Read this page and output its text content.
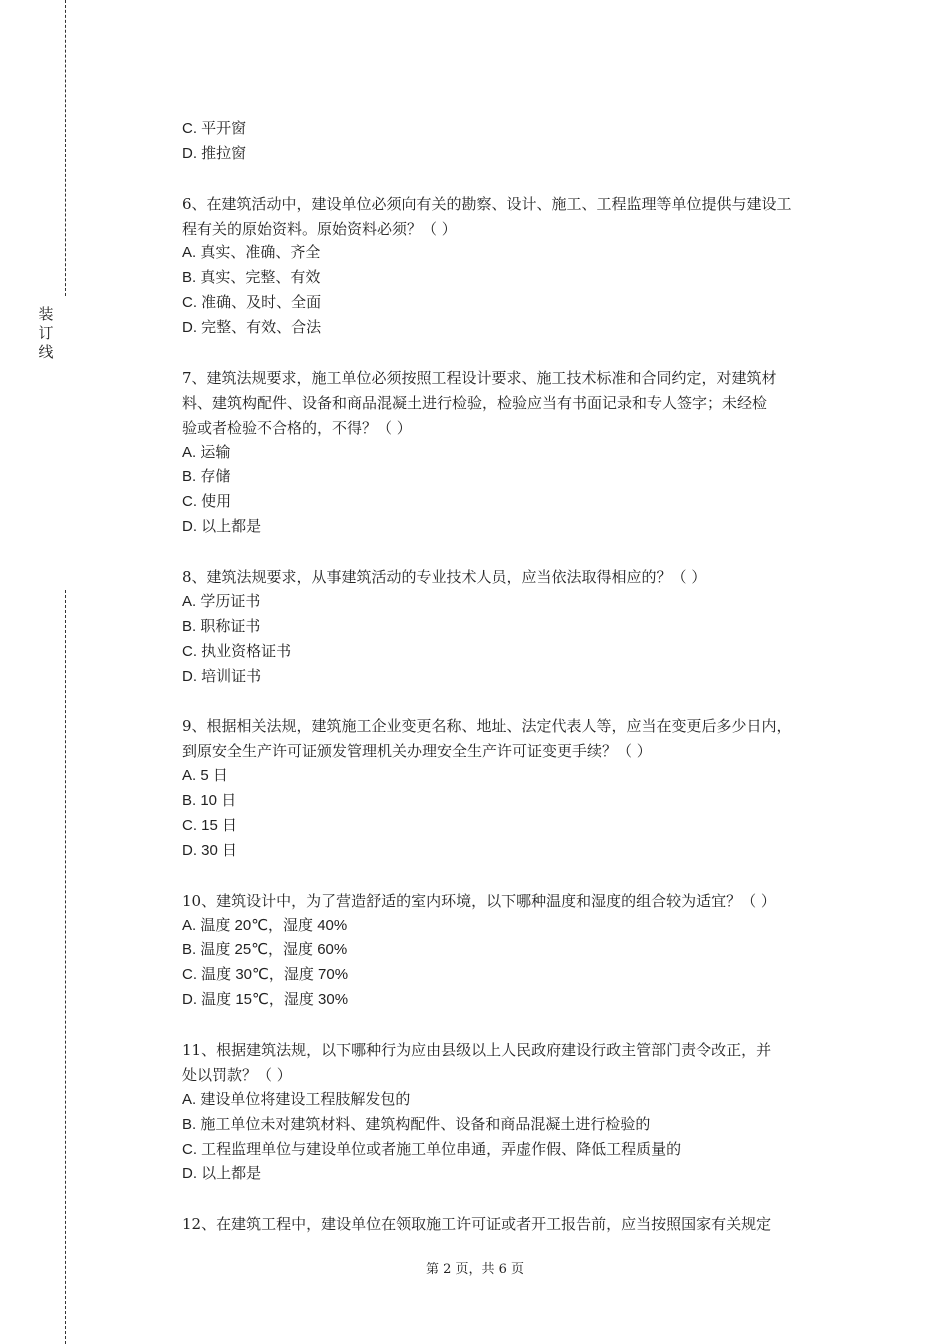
装
订
线
C. 平开窗
D. 推拉窗
6、在建筑活动中，建设单位必须向有关的勘察、设计、施工、工程监理等单位提供与建设工
程有关的原始资料。原始资料必须？（ ）
A. 真实、准确、齐全
B. 真实、完整、有效
C. 准确、及时、全面
D. 完整、有效、合法
7、建筑法规要求，施工单位必须按照工程设计要求、施工技术标准和合同约定，对建筑材
料、建筑构配件、设备和商品混凝土进行检验，检验应当有书面记录和专人签字；未经检
验或者检验不合格的，不得？（ ）
A. 运输
B. 存储
C. 使用
D. 以上都是
8、建筑法规要求，从事建筑活动的专业技术人员，应当依法取得相应的？（ ）
A. 学历证书
B. 职称证书
C. 执业资格证书
D. 培训证书
9、根据相关法规，建筑施工企业变更名称、地址、法定代表人等，应当在变更后多少日内，
到原安全生产许可证颁发管理机关办理安全生产许可证变更手续？（ ）
A. 5 日
B. 10 日
C. 15 日
D. 30 日
10、建筑设计中，为了营造舒适的室内环境，以下哪种温度和湿度的组合较为适宜？（ ）
A. 温度 20℃，湿度 40%
B. 温度 25℃，湿度 60%
C. 温度 30℃，湿度 70%
D. 温度 15℃，湿度 30%
11、根据建筑法规，以下哪种行为应由县级以上人民政府建设行政主管部门责令改正，并
处以罚款？（ ）
A. 建设单位将建设工程肢解发包的
B. 施工单位未对建筑材料、建筑构配件、设备和商品混凝土进行检验的
C. 工程监理单位与建设单位或者施工单位串通，弄虚作假、降低工程质量的
D. 以上都是
12、在建筑工程中，建设单位在领取施工许可证或者开工报告前，应当按照国家有关规定
第 2 页，共 6 页
